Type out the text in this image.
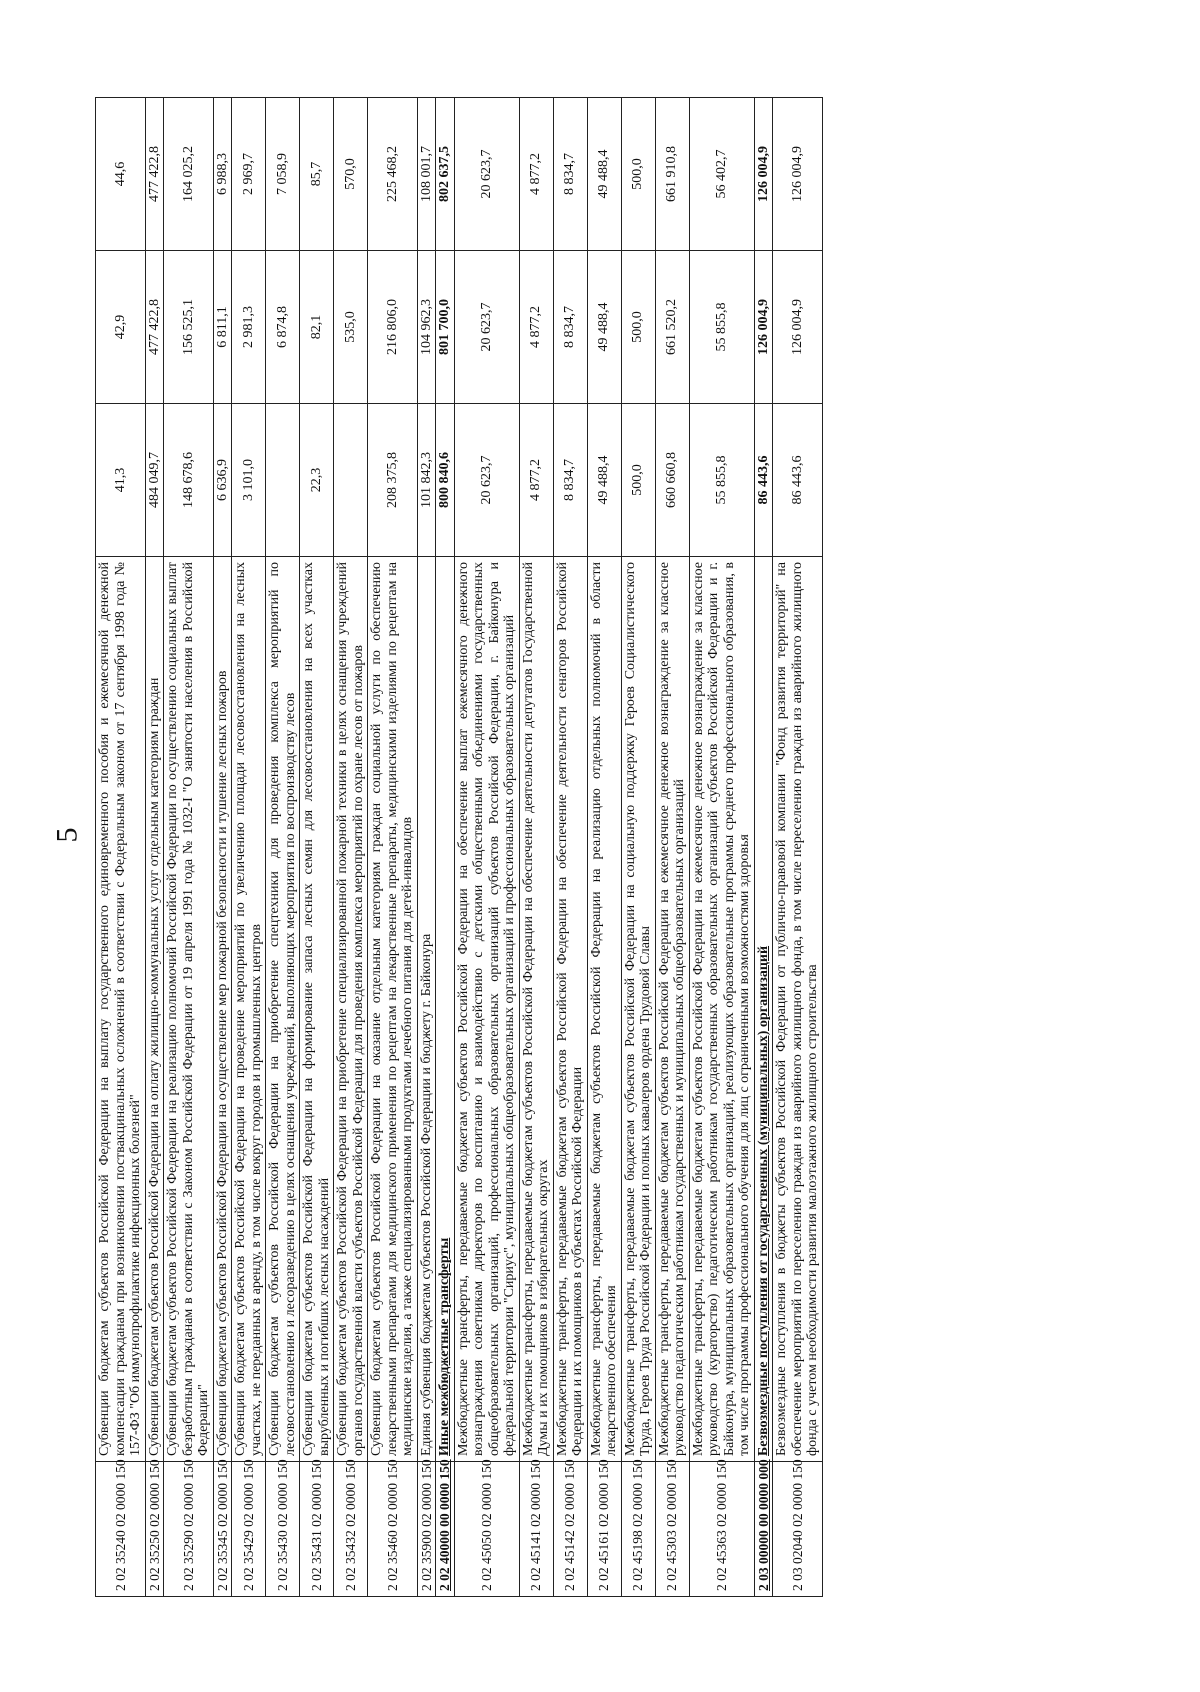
5
2 02 35240 02 0000 150	Субвенции бюджетам субъектов Российской Федерации на выплату государственного единовременного пособия и ежемесячной денежной компенсации гражданам при возникновении поствакцинальных осложнений в соответствии с Федеральным законом от 17 сентября 1998 года № 157-ФЗ "Об иммунопрофилактике инфекционных болезней"	41,3	42,9	44,6
2 02 35250 02 0000 150	Субвенции бюджетам субъектов Российской Федерации на оплату жилищно-коммунальных услуг отдельным категориям граждан	484 049,7	477 422,8	477 422,8
2 02 35290 02 0000 150	Субвенции бюджетам субъектов Российской Федерации на реализацию полномочий Российской Федерации по осуществлению социальных выплат безработным гражданам в соответствии с Законом Российской Федерации от 19 апреля 1991 года № 1032-I "О занятости населения в Российской Федерации"	148 678,6	156 525,1	164 025,2
2 02 35345 02 0000 150	Субвенции бюджетам субъектов Российской Федерации на осуществление мер пожарной безопасности и тушение лесных пожаров	6 636,9	6 811,1	6 988,3
2 02 35429 02 0000 150	Субвенции бюджетам субъектов Российской Федерации на проведение мероприятий по увеличению площади лесовосстановления на лесных участках, не переданных в аренду, в том числе вокруг городов и промышленных центров	3 101,0	2 981,3	2 969,7
2 02 35430 02 0000 150	Субвенции бюджетам субъектов Российской Федерации на приобретение спецтехники для проведения комплекса мероприятий по лесовосстановлению и лесоразведению в целях оснащения учреждений, выполняющих мероприятия по воспроизводству лесов		6 874,8	7 058,9
2 02 35431 02 0000 150	Субвенции бюджетам субъектов Российской Федерации на формирование запаса лесных семян для лесовосстановления на всех участках вырубленных и погибших лесных насаждений	22,3	82,1	85,7
2 02 35432 02 0000 150	Субвенции бюджетам субъектов Российской Федерации на приобретение специализированной пожарной техники в целях оснащения учреждений органов государственной власти субъектов Российской Федерации для проведения комплекса мероприятий по охране лесов от пожаров		535,0	570,0
2 02 35460 02 0000 150	Субвенции бюджетам субъектов Российской Федерации на оказание отдельным категориям граждан социальной услуги по обеспечению лекарственными препаратами для медицинского применения по рецептам на лекарственные препараты, медицинскими изделиями по рецептам на медицинские изделия, а также специализированными продуктами лечебного питания для детей-инвалидов	208 375,8	216 806,0	225 468,2
2 02 35900 02 0000 150	Единая субвенция бюджетам субъектов Российской Федерации и бюджету г. Байконура	101 842,3	104 962,3	108 001,7
2 02 40000 00 0000 150	Иные межбюджетные трансферты	800 840,6	801 700,0	802 637,5
2 02 45050 02 0000 150	Межбюджетные трансферты, передаваемые бюджетам субъектов Российской Федерации на обеспечение выплат ежемесячного денежного вознаграждения советникам директоров по воспитанию и взаимодействию с детскими общественными объединениями государственных общеобразовательных организаций, профессиональных образовательных организаций субъектов Российской Федерации, г. Байконура и федеральной территории "Сириус", муниципальных общеобразовательных организаций и профессиональных образовательных организаций	20 623,7	20 623,7	20 623,7
2 02 45141 02 0000 150	Межбюджетные трансферты, передаваемые бюджетам субъектов Российской Федерации на обеспечение деятельности депутатов Государственной Думы и их помощников в избирательных округах	4 877,2	4 877,2	4 877,2
2 02 45142 02 0000 150	Межбюджетные трансферты, передаваемые бюджетам субъектов Российской Федерации на обеспечение деятельности сенаторов Российской Федерации и их помощников в субъектах Российской Федерации	8 834,7	8 834,7	8 834,7
2 02 45161 02 0000 150	Межбюджетные трансферты, передаваемые бюджетам субъектов Российской Федерации на реализацию отдельных полномочий в области лекарственного обеспечения	49 488,4	49 488,4	49 488,4
2 02 45198 02 0000 150	Межбюджетные трансферты, передаваемые бюджетам субъектов Российской Федерации на социальную поддержку Героев Социалистического Труда, Героев Труда Российской Федерации и полных кавалеров ордена Трудовой Славы	500,0	500,0	500,0
2 02 45303 02 0000 150	Межбюджетные трансферты, передаваемые бюджетам субъектов Российской Федерации на ежемесячное денежное вознаграждение за классное руководство педагогическим работникам государственных и муниципальных общеобразовательных организаций	660 660,8	661 520,2	661 910,8
2 02 45363 02 0000 150	Межбюджетные трансферты, передаваемые бюджетам субъектов Российской Федерации на ежемесячное денежное вознаграждение за классное руководство (кураторство) педагогическим работникам государственных образовательных организаций субъектов Российской Федерации и г. Байконура, муниципальных образовательных организаций, реализующих образовательные программы среднего профессионального образования, в том числе программы профессионального обучения для лиц с ограниченными возможностями здоровья	55 855,8	55 855,8	56 402,7
2 03 00000 00 0000 000	Безвозмездные поступления от государственных (муниципальных) организаций	86 443,6	126 004,9	126 004,9
2 03 02040 02 0000 150	Безвозмездные поступления в бюджеты субъектов Российской Федерации от публично-правовой компании "Фонд развития территорий" на обеспечение мероприятий по переселению граждан из аварийного жилищного фонда, в том числе переселению граждан из аварийного жилищного фонда с учетом необходимости развития малоэтажного жилищного строительства	86 443,6	126 004,9	126 004,9
